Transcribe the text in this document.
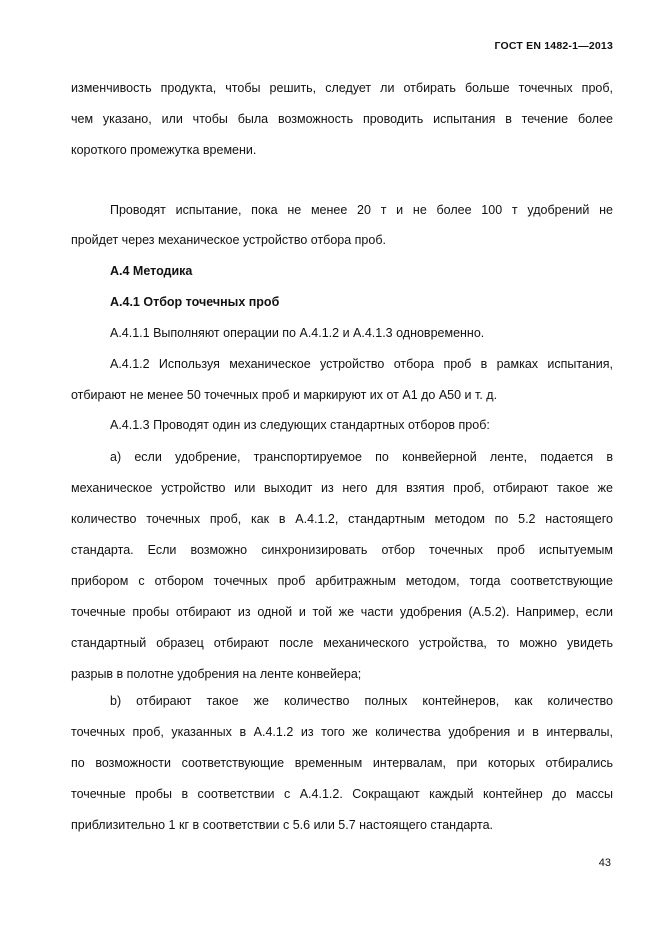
ГОСТ EN 1482-1—2013
изменчивость продукта, чтобы решить, следует ли отбирать больше точечных проб,
чем указано, или чтобы была возможность проводить испытания в течение более
короткого промежутка времени.
Проводят испытание, пока не менее 20 т и не более 100 т удобрений не
пройдет через механическое устройство отбора проб.
А.4 Методика
А.4.1 Отбор точечных проб
А.4.1.1 Выполняют операции по А.4.1.2 и А.4.1.3 одновременно.
А.4.1.2 Используя механическое устройство отбора проб в рамках испытания,
отбирают не менее 50 точечных проб и маркируют их от А1 до А50 и т. д.
А.4.1.3 Проводят один из следующих стандартных отборов проб:
а) если удобрение, транспортируемое по конвейерной ленте, подается в
механическое устройство или выходит из него для взятия проб, отбирают такое же
количество точечных проб, как в А.4.1.2, стандартным методом по 5.2 настоящего
стандарта. Если возможно синхронизировать отбор точечных проб испытуемым
прибором с отбором точечных проб арбитражным методом, тогда соответствующие
точечные пробы отбирают из одной и той же части удобрения (А.5.2). Например, если
стандартный образец отбирают после механического устройства, то можно увидеть
разрыв в полотне удобрения на ленте конвейера;
b) отбирают такое же количество полных контейнеров, как количество
точечных проб, указанных в А.4.1.2 из того же количества удобрения и в интервалы,
по возможности соответствующие временным интервалам, при которых отбирались
точечные пробы в соответствии с А.4.1.2. Сокращают каждый контейнер до массы
приблизительно 1 кг в соответствии с 5.6 или 5.7 настоящего стандарта.
43
